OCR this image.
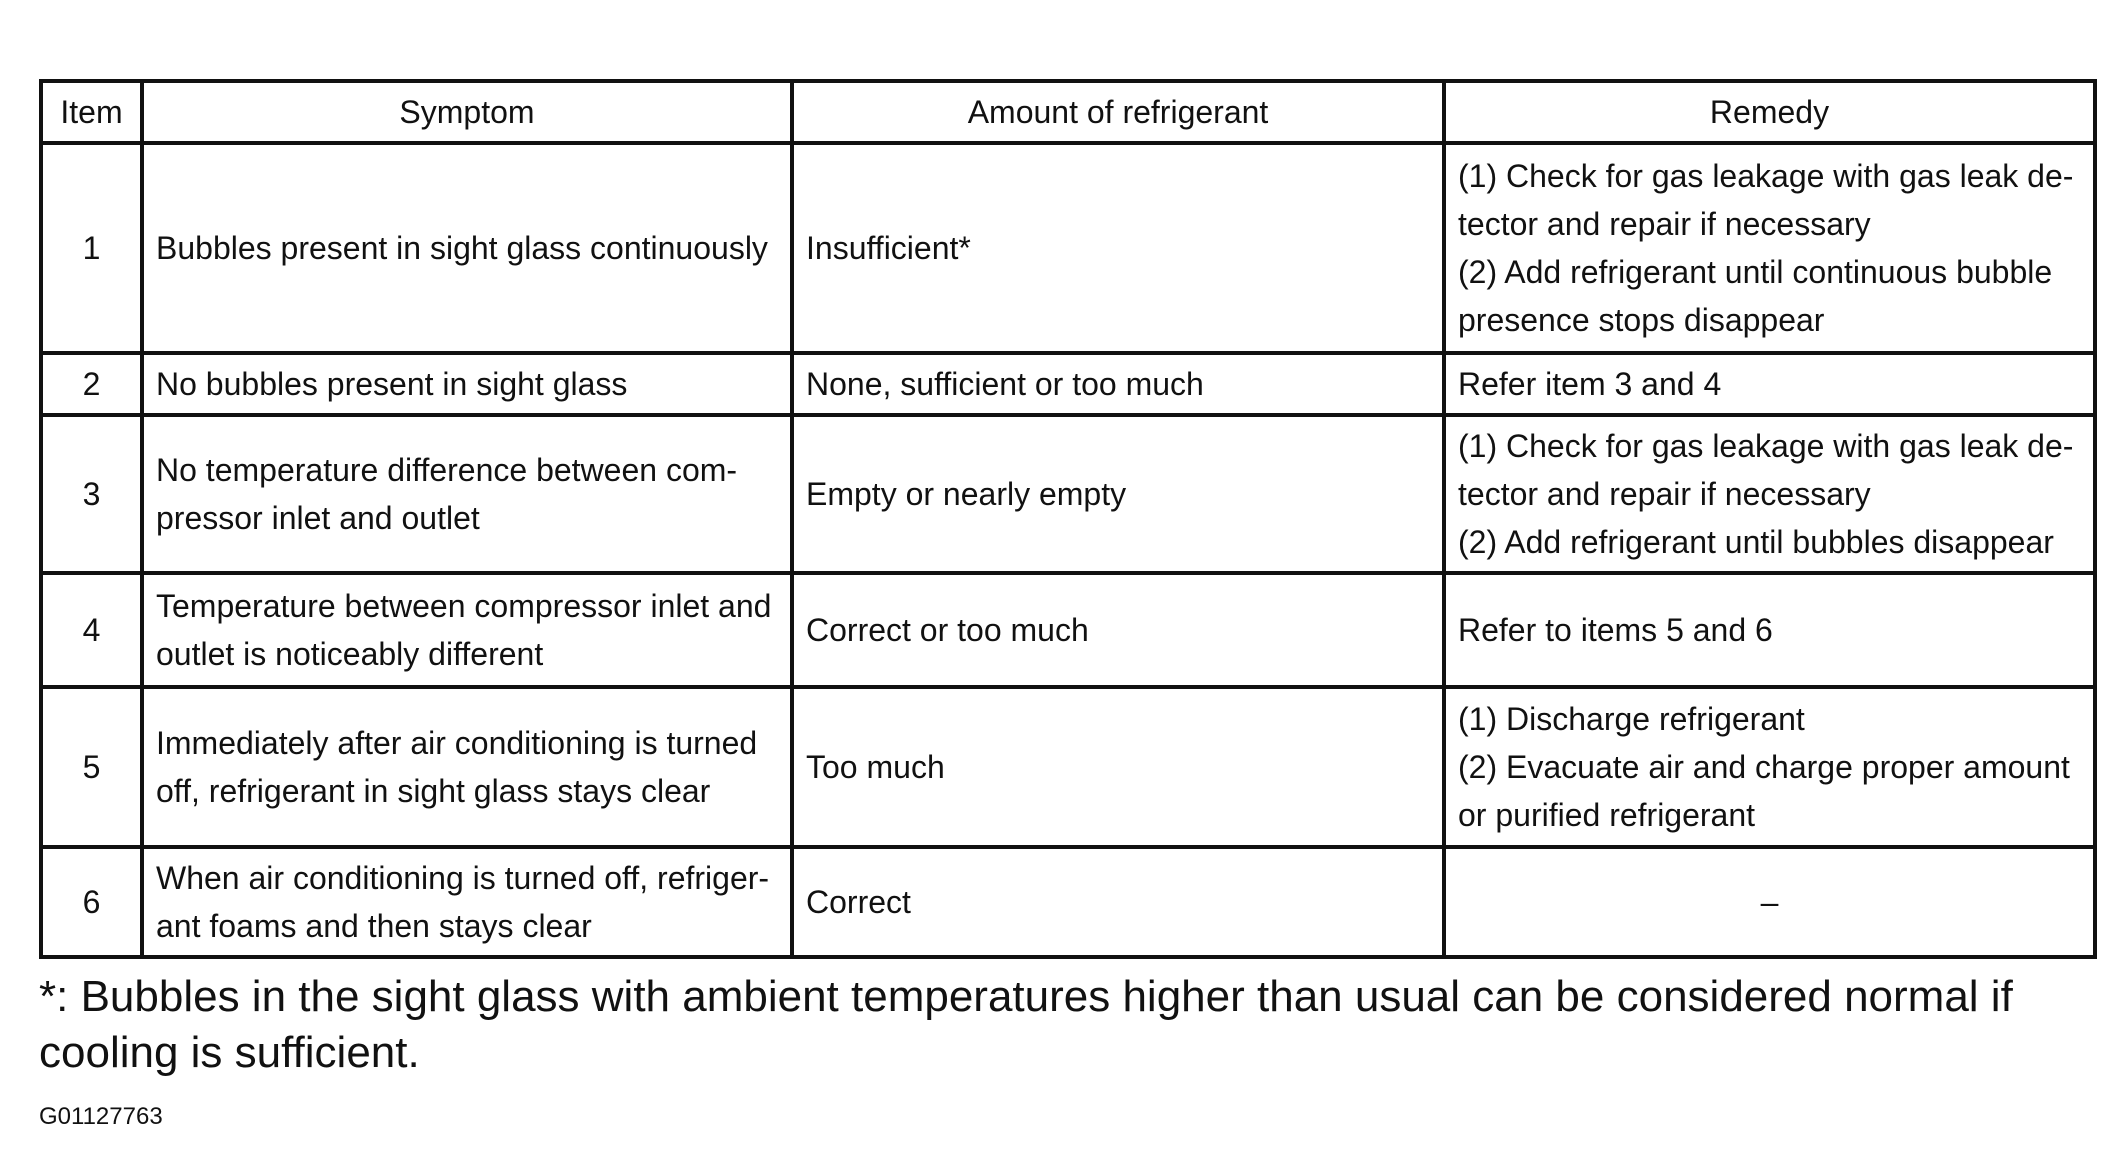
Item	Symptom	Amount of refrigerant	Remedy
1	Bubbles present in sight glass continuously	Insufficient*	(1) Check for gas leakage with gas leak de-
tector and repair if necessary
(2) Add refrigerant until continuous bubble
presence stops disappear

2	No bubbles present in sight glass	None, sufficient or too much	Refer item 3 and 4

3	No temperature difference between com-
pressor inlet and outlet	Empty or nearly empty	(1) Check for gas leakage with gas leak de-
tector and repair if necessary
(2) Add refrigerant until bubbles disappear

4	Temperature between compressor inlet and
outlet is noticeably different	Correct or too much	Refer to items 5 and 6

5	Immediately after air conditioning is turned
off, refrigerant in sight glass stays clear	Too much	(1) Discharge refrigerant
(2) Evacuate air and charge proper amount
or purified refrigerant

6	When air conditioning is turned off, refriger-
ant foams and then stays clear	Correct	–
*: Bubbles in the sight glass with ambient temperatures higher than usual can be considered normal if cooling is sufficient.
G01127763
